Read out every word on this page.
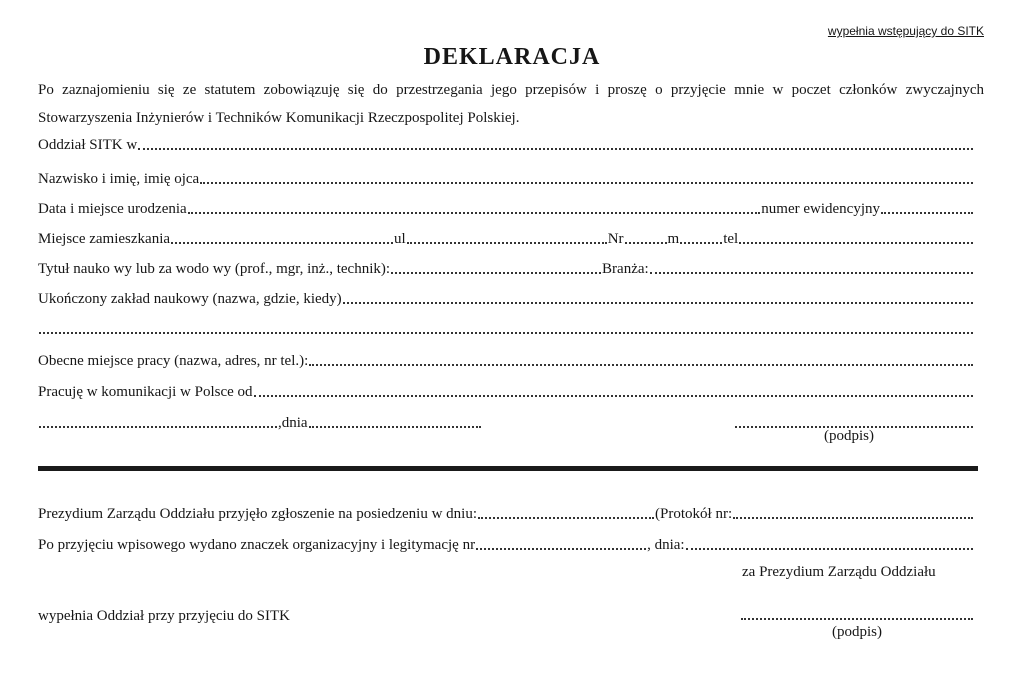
wypełnia wstępujący do SITK
DEKLARACJA
Po zaznajomieniu się ze statutem zobowiązuję się do przestrzegania jego przepisów i proszę o przyjęcie mnie w poczet członków zwyczajnych Stowarzyszenia Inżynierów i Techników Komunikacji Rzeczpospolitej Polskiej.
Oddział SITK w
Nazwisko i imię, imię ojca
Data i miejsce urodzenia	numer ewidencyjny
Miejsce zamieszkania	ul	Nr	m	tel
Tytuł nauko wy lub za wodo wy (prof., mgr, inż., technik):	Branża:
Ukończony zakład naukowy (nazwa, gdzie, kiedy)
Obecne miejsce pracy (nazwa, adres, nr tel.):
Pracuję w komunikacji w Polsce od
,dnia
(podpis)
Prezydium Zarządu Oddziału przyjęło zgłoszenie na posiedzeniu w dniu:	(Protokół nr:
Po przyjęciu wpisowego wydano znaczek organizacyjny i legitymację nr	, dnia:
za Prezydium Zarządu Oddziału
wypełnia Oddział przy przyjęciu do SITK
(podpis)
